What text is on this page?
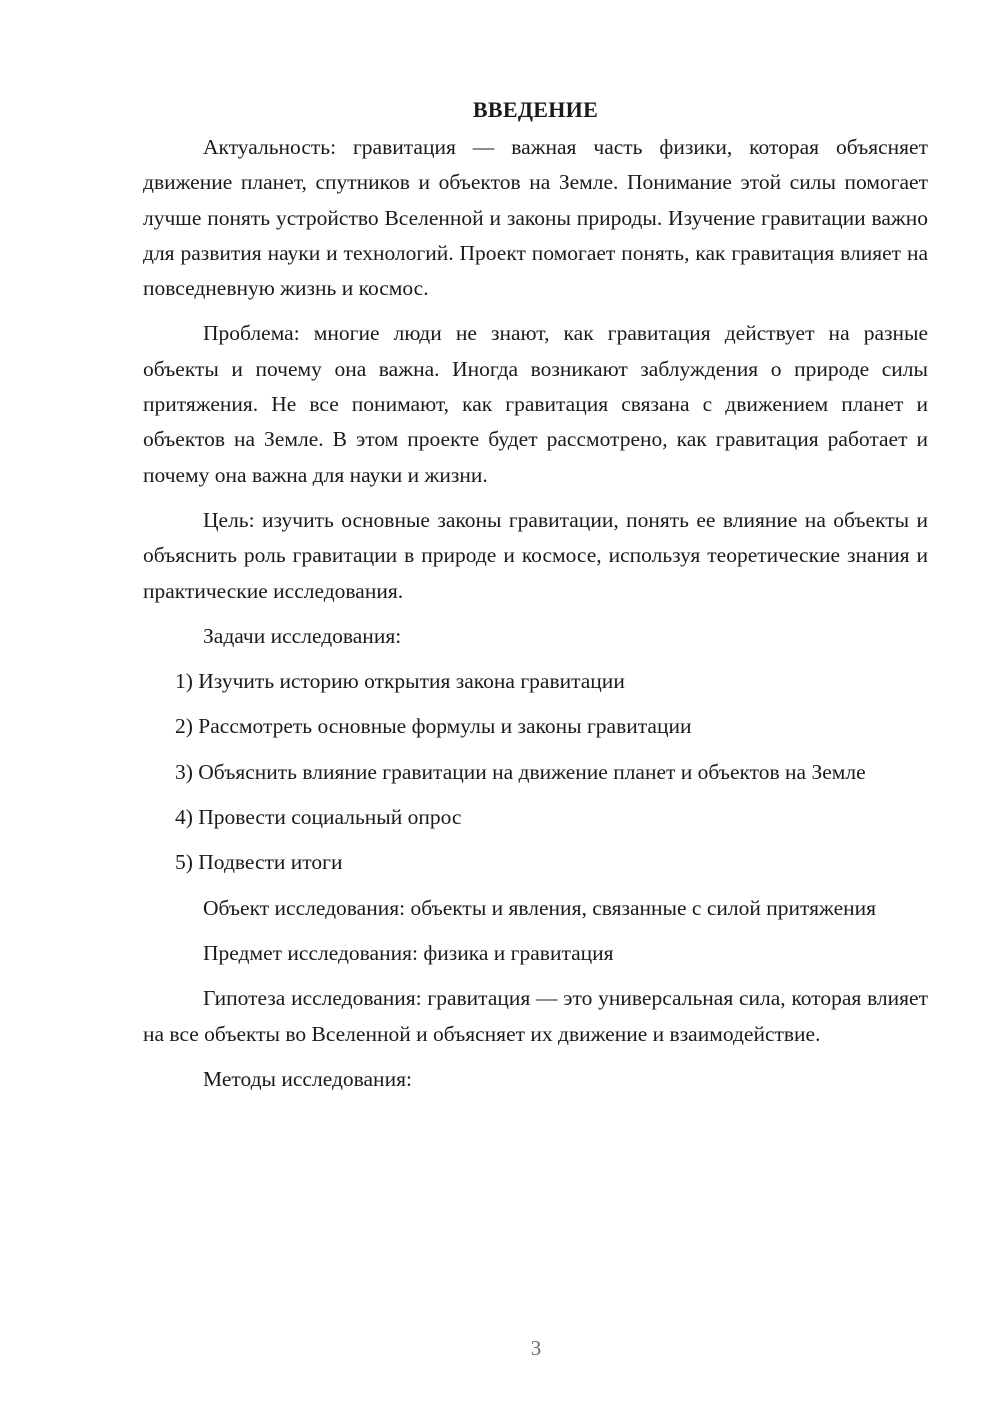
ВВЕДЕНИЕ

Актуальность: гравитация — важная часть физики, которая объясняет движение планет, спутников и объектов на Земле. Понимание этой силы помогает лучше понять устройство Вселенной и законы природы. Изучение гравитации важно для развития науки и технологий. Проект помогает понять, как гравитация влияет на повседневную жизнь и космос.

Проблема: многие люди не знают, как гравитация действует на разные объекты и почему она важна. Иногда возникают заблуждения о природе силы притяжения. Не все понимают, как гравитация связана с движением планет и объектов на Земле. В этом проекте будет рассмотрено, как гравитация работает и почему она важна для науки и жизни.

Цель: изучить основные законы гравитации, понять ее влияние на объекты и объяснить роль гравитации в природе и космосе, используя теоретические знания и практические исследования.

Задачи исследования:

1) Изучить историю открытия закона гравитации

2) Рассмотреть основные формулы и законы гравитации

3) Объяснить влияние гравитации на движение планет и объектов на Земле

4) Провести социальный опрос

5) Подвести итоги

Объект исследования: объекты и явления, связанные с силой притяжения

Предмет исследования: физика и гравитация

Гипотеза исследования: гравитация — это универсальная сила, которая влияет на все объекты во Вселенной и объясняет их движение и взаимодействие.

Методы исследования:

3
